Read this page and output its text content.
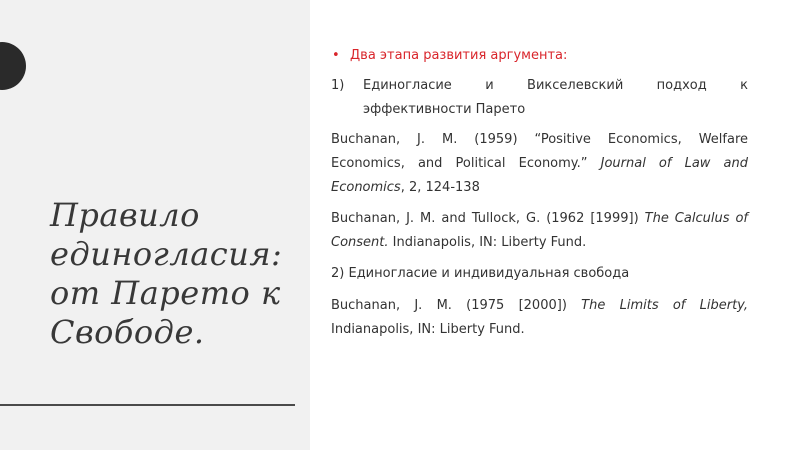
Правило единогласия: от Парето к Свободе.
• Два этапа развития аргумента:
1)	Единогласие и Викселевский подход к
эффективности Парето
Buchanan, J. M. (1959) “Positive Economics, Welfare Economics, and Political Economy.” Journal of Law and Economics, 2, 124-138
Buchanan, J. M. and Tullock, G. (1962 [1999]) The Calculus of Consent. Indianapolis, IN: Liberty Fund.
2) Единогласие и индивидуальная свобода
Buchanan, J. M. (1975 [2000]) The Limits of Liberty, Indianapolis, IN: Liberty Fund.
